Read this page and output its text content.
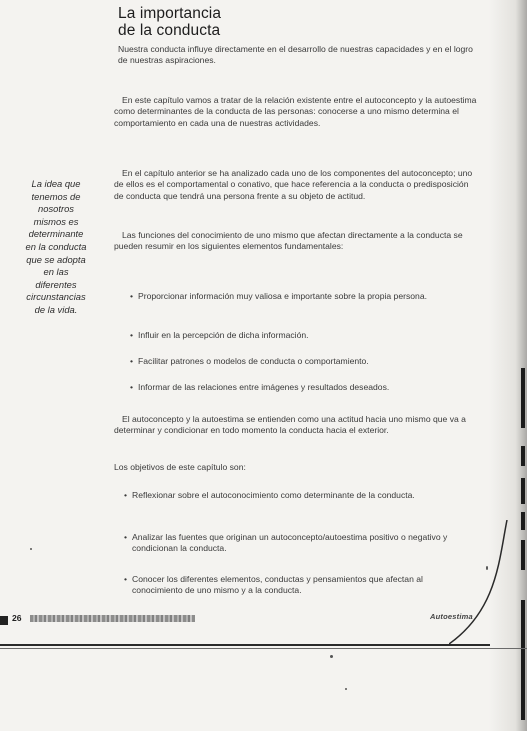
La importancia
de la conducta
La idea que
tenemos de
nosotros
mismos es
determinante
en la conducta
que se adopta
en las
diferentes
circunstancias
de la vida.

Nuestra conducta influye directamente en el desarrollo de nuestras capacidades y en el logro de nuestras aspiraciones.

En este capítulo vamos a tratar de la relación existente entre el autoconcepto y la autoestima como determinantes de la conducta de las personas: conocerse a uno mismo determina el comportamiento en cada una de nuestras actividades.

En el capítulo anterior se ha analizado cada uno de los componentes del autoconcepto; uno de ellos es el comportamental o conativo, que hace referencia a la conducta o predisposición de conducta que tendrá una persona frente a su objeto de actitud.

Las funciones del conocimiento de uno mismo que afectan directamente a la conducta se pueden resumir en los siguientes elementos fundamentales:

• Proporcionar información muy valiosa e importante sobre la propia persona.
• Influir en la percepción de dicha información.
• Facilitar patrones o modelos de conducta o comportamiento.
• Informar de las relaciones entre imágenes y resultados deseados.

El autoconcepto y la autoestima se entienden como una actitud hacia uno mismo que va a determinar y condicionar en todo momento la conducta hacia el exterior.

Los objetivos de este capítulo son:

• Reflexionar sobre el autoconocimiento como determinante de la conducta.
• Analizar las fuentes que originan un autoconcepto/autoestima positivo o negativo y condicionan la conducta.
• Conocer los diferentes elementos, conductas y pensamientos que afectan al conocimiento de uno mismo y a la conducta.
26	Autoestima
